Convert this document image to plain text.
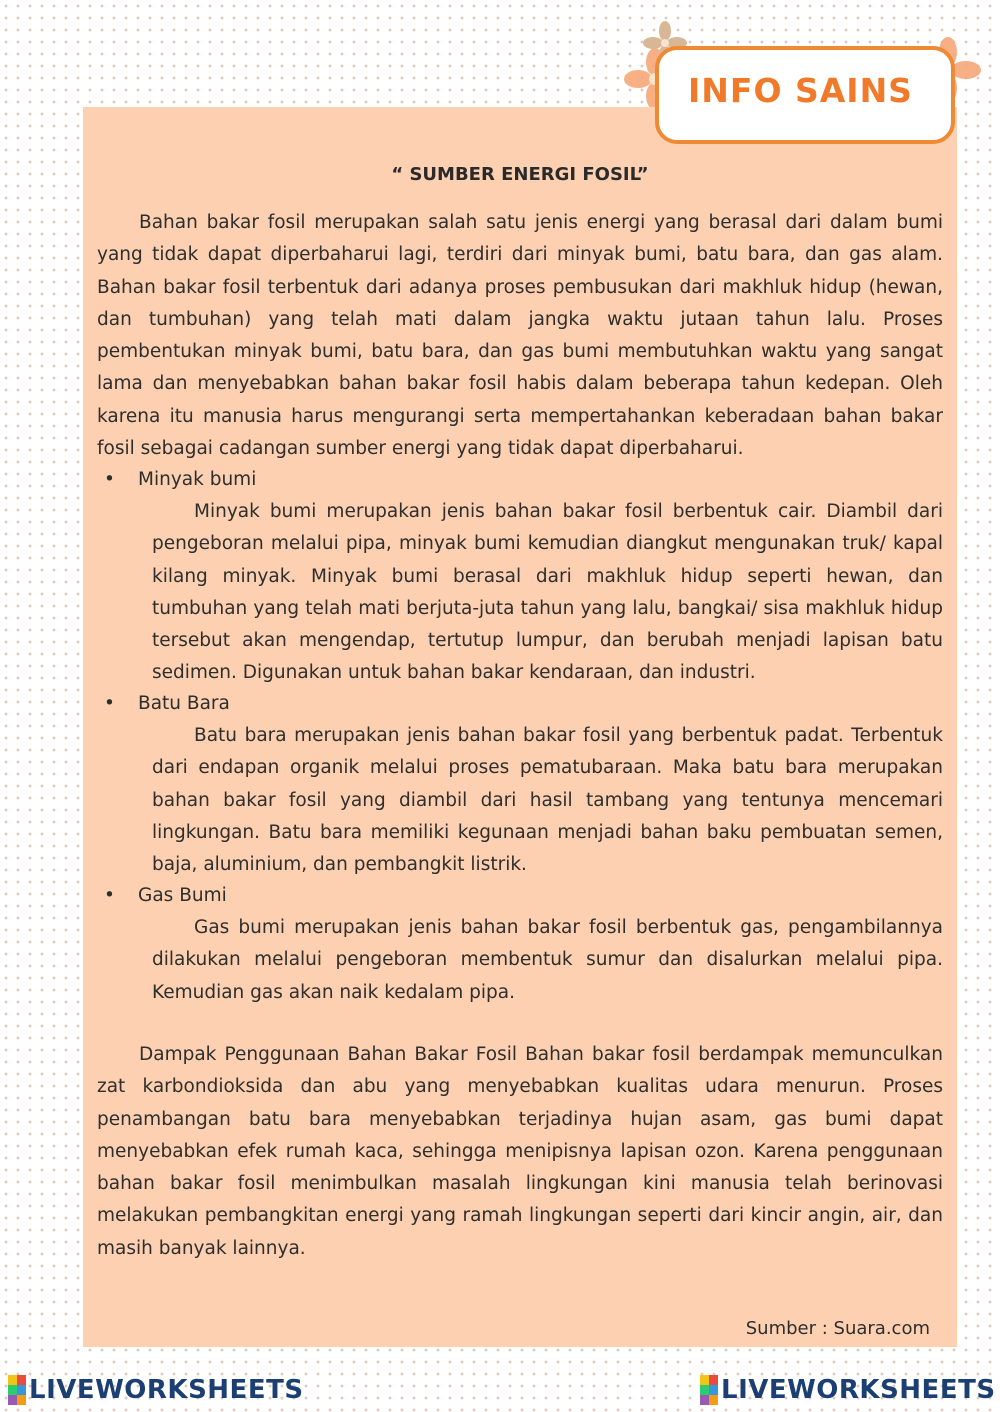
INFO SAINS
“ SUMBER ENERGI FOSIL”

Bahan bakar fosil merupakan salah satu jenis energi yang berasal dari dalam bumi yang tidak dapat diperbaharui lagi, terdiri dari minyak bumi, batu bara, dan gas alam. Bahan bakar fosil terbentuk dari adanya proses pembusukan dari makhluk hidup (hewan, dan tumbuhan) yang telah mati dalam jangka waktu jutaan tahun lalu. Proses pembentukan minyak bumi, batu bara, dan gas bumi membutuhkan waktu yang sangat lama dan menyebabkan bahan bakar fosil habis dalam beberapa tahun kedepan. Oleh karena itu manusia harus mengurangi serta mempertahankan keberadaan bahan bakar fosil sebagai cadangan sumber energi yang tidak dapat diperbaharui.

• Minyak bumi

Minyak bumi merupakan jenis bahan bakar fosil berbentuk cair. Diambil dari pengeboran melalui pipa, minyak bumi kemudian diangkut mengunakan truk/ kapal kilang minyak. Minyak bumi berasal dari makhluk hidup seperti hewan, dan tumbuhan yang telah mati berjuta-juta tahun yang lalu, bangkai/ sisa makhluk hidup tersebut akan mengendap, tertutup lumpur, dan berubah menjadi lapisan batu sedimen. Digunakan untuk bahan bakar kendaraan, dan industri.

• Batu Bara

Batu bara merupakan jenis bahan bakar fosil yang berbentuk padat. Terbentuk dari endapan organik melalui proses pematubaraan. Maka batu bara merupakan bahan bakar fosil yang diambil dari hasil tambang yang tentunya mencemari lingkungan. Batu bara memiliki kegunaan menjadi bahan baku pembuatan semen, baja, aluminium, dan pembangkit listrik.

• Gas Bumi

Gas bumi merupakan jenis bahan bakar fosil berbentuk gas, pengambilannya dilakukan melalui pengeboran membentuk sumur dan disalurkan melalui pipa. Kemudian gas akan naik kedalam pipa.

Dampak Penggunaan Bahan Bakar Fosil Bahan bakar fosil berdampak memunculkan zat karbondioksida dan abu yang menyebabkan kualitas udara menurun. Proses penambangan batu bara menyebabkan terjadinya hujan asam, gas bumi dapat menyebabkan efek rumah kaca, sehingga menipisnya lapisan ozon. Karena penggunaan bahan bakar fosil menimbulkan masalah lingkungan kini manusia telah berinovasi melakukan pembangkitan energi yang ramah lingkungan seperti dari kincir angin, air, dan masih banyak lainnya.

Sumber : Suara.com
LIVEWORKSHEETS	LIVEWORKSHEETS
